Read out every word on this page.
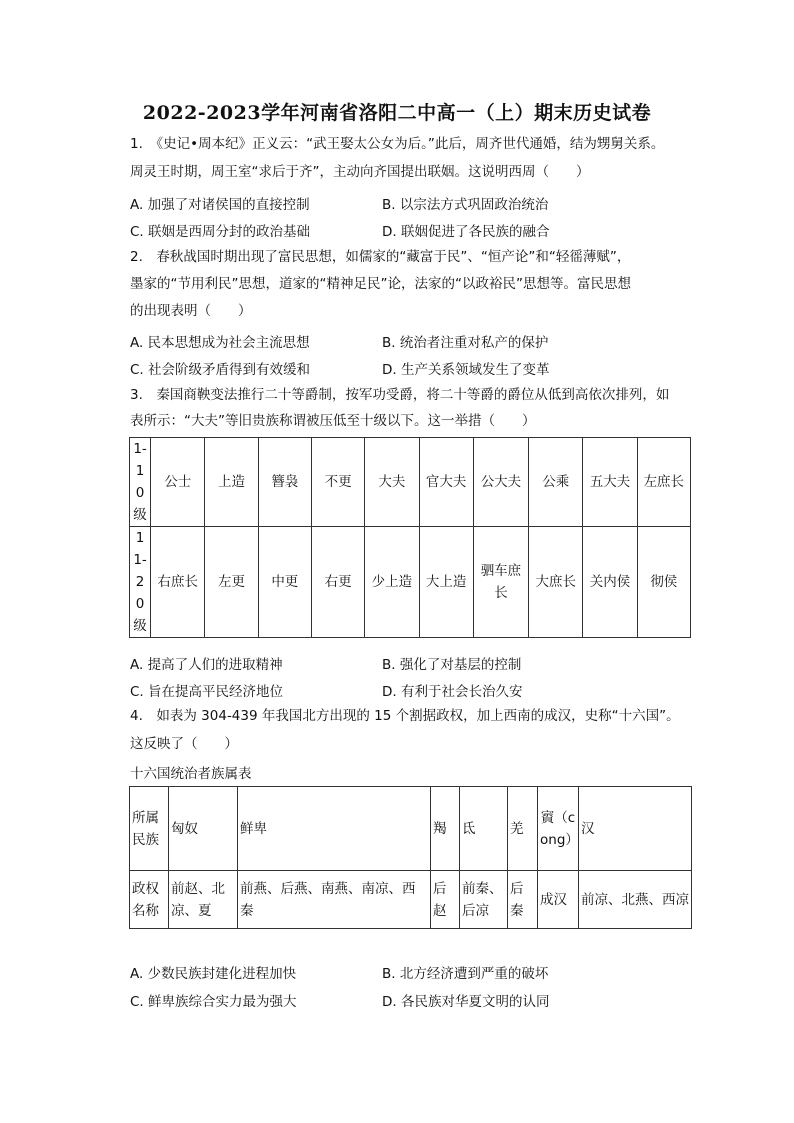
2022-2023学年河南省洛阳二中高一（上）期末历史试卷
1.　《史记•周本纪》正义云：“武王娶太公女为后。”此后，周齐世代通婚，结为甥舅关系。
周灵王时期，周王室“求后于齐”，主动向齐国提出联姻。这说明西周（　　）
A. 加强了对诸侯国的直接控制	B. 以宗法方式巩固政治统治
C. 联姻是西周分封的政治基础	D. 联姻促进了各民族的融合
2.　春秋战国时期出现了富民思想，如儒家的“藏富于民”、“恒产论”和“轻徭薄赋”，
墨家的“节用利民”思想，道家的“精神足民”论，法家的“以政裕民”思想等。富民思想
的出现表明（　　）
A. 民本思想成为社会主流思想	B. 统治者注重对私产的保护
C. 社会阶级矛盾得到有效缓和	D. 生产关系领域发生了变革
3.　秦国商鞅变法推行二十等爵制，按军功受爵，将二十等爵的爵位从低到高依次排列，如
表所示：“大夫”等旧贵族称谓被压低至十级以下。这一举措（　　）
1-10级	公士	上造	簪袅	不更	大夫	官大夫	公大夫	公乘	五大夫	左庶长
11-20级	右庶长	左更	中更	右更	少上造	大上造	驷车庶长	大庶长	关内侯	彻侯
A. 提高了人们的进取精神	B. 强化了对基层的控制
C. 旨在提高平民经济地位	D. 有利于社会长治久安
4.　如表为 304-439 年我国北方出现的 15 个割据政权，加上西南的成汉，史称“十六国”。
这反映了（　　）
十六国统治者族属表
所属民族	匈奴	鲜卑	羯	氐	羌	賨（cong）	汉
政权名称	前赵、北凉、夏	前燕、后燕、南燕、南凉、西秦	后赵	前秦、后凉	后秦	成汉	前凉、北燕、西凉
A. 少数民族封建化进程加快	B. 北方经济遭到严重的破坏
C. 鲜卑族综合实力最为强大	D. 各民族对华夏文明的认同
